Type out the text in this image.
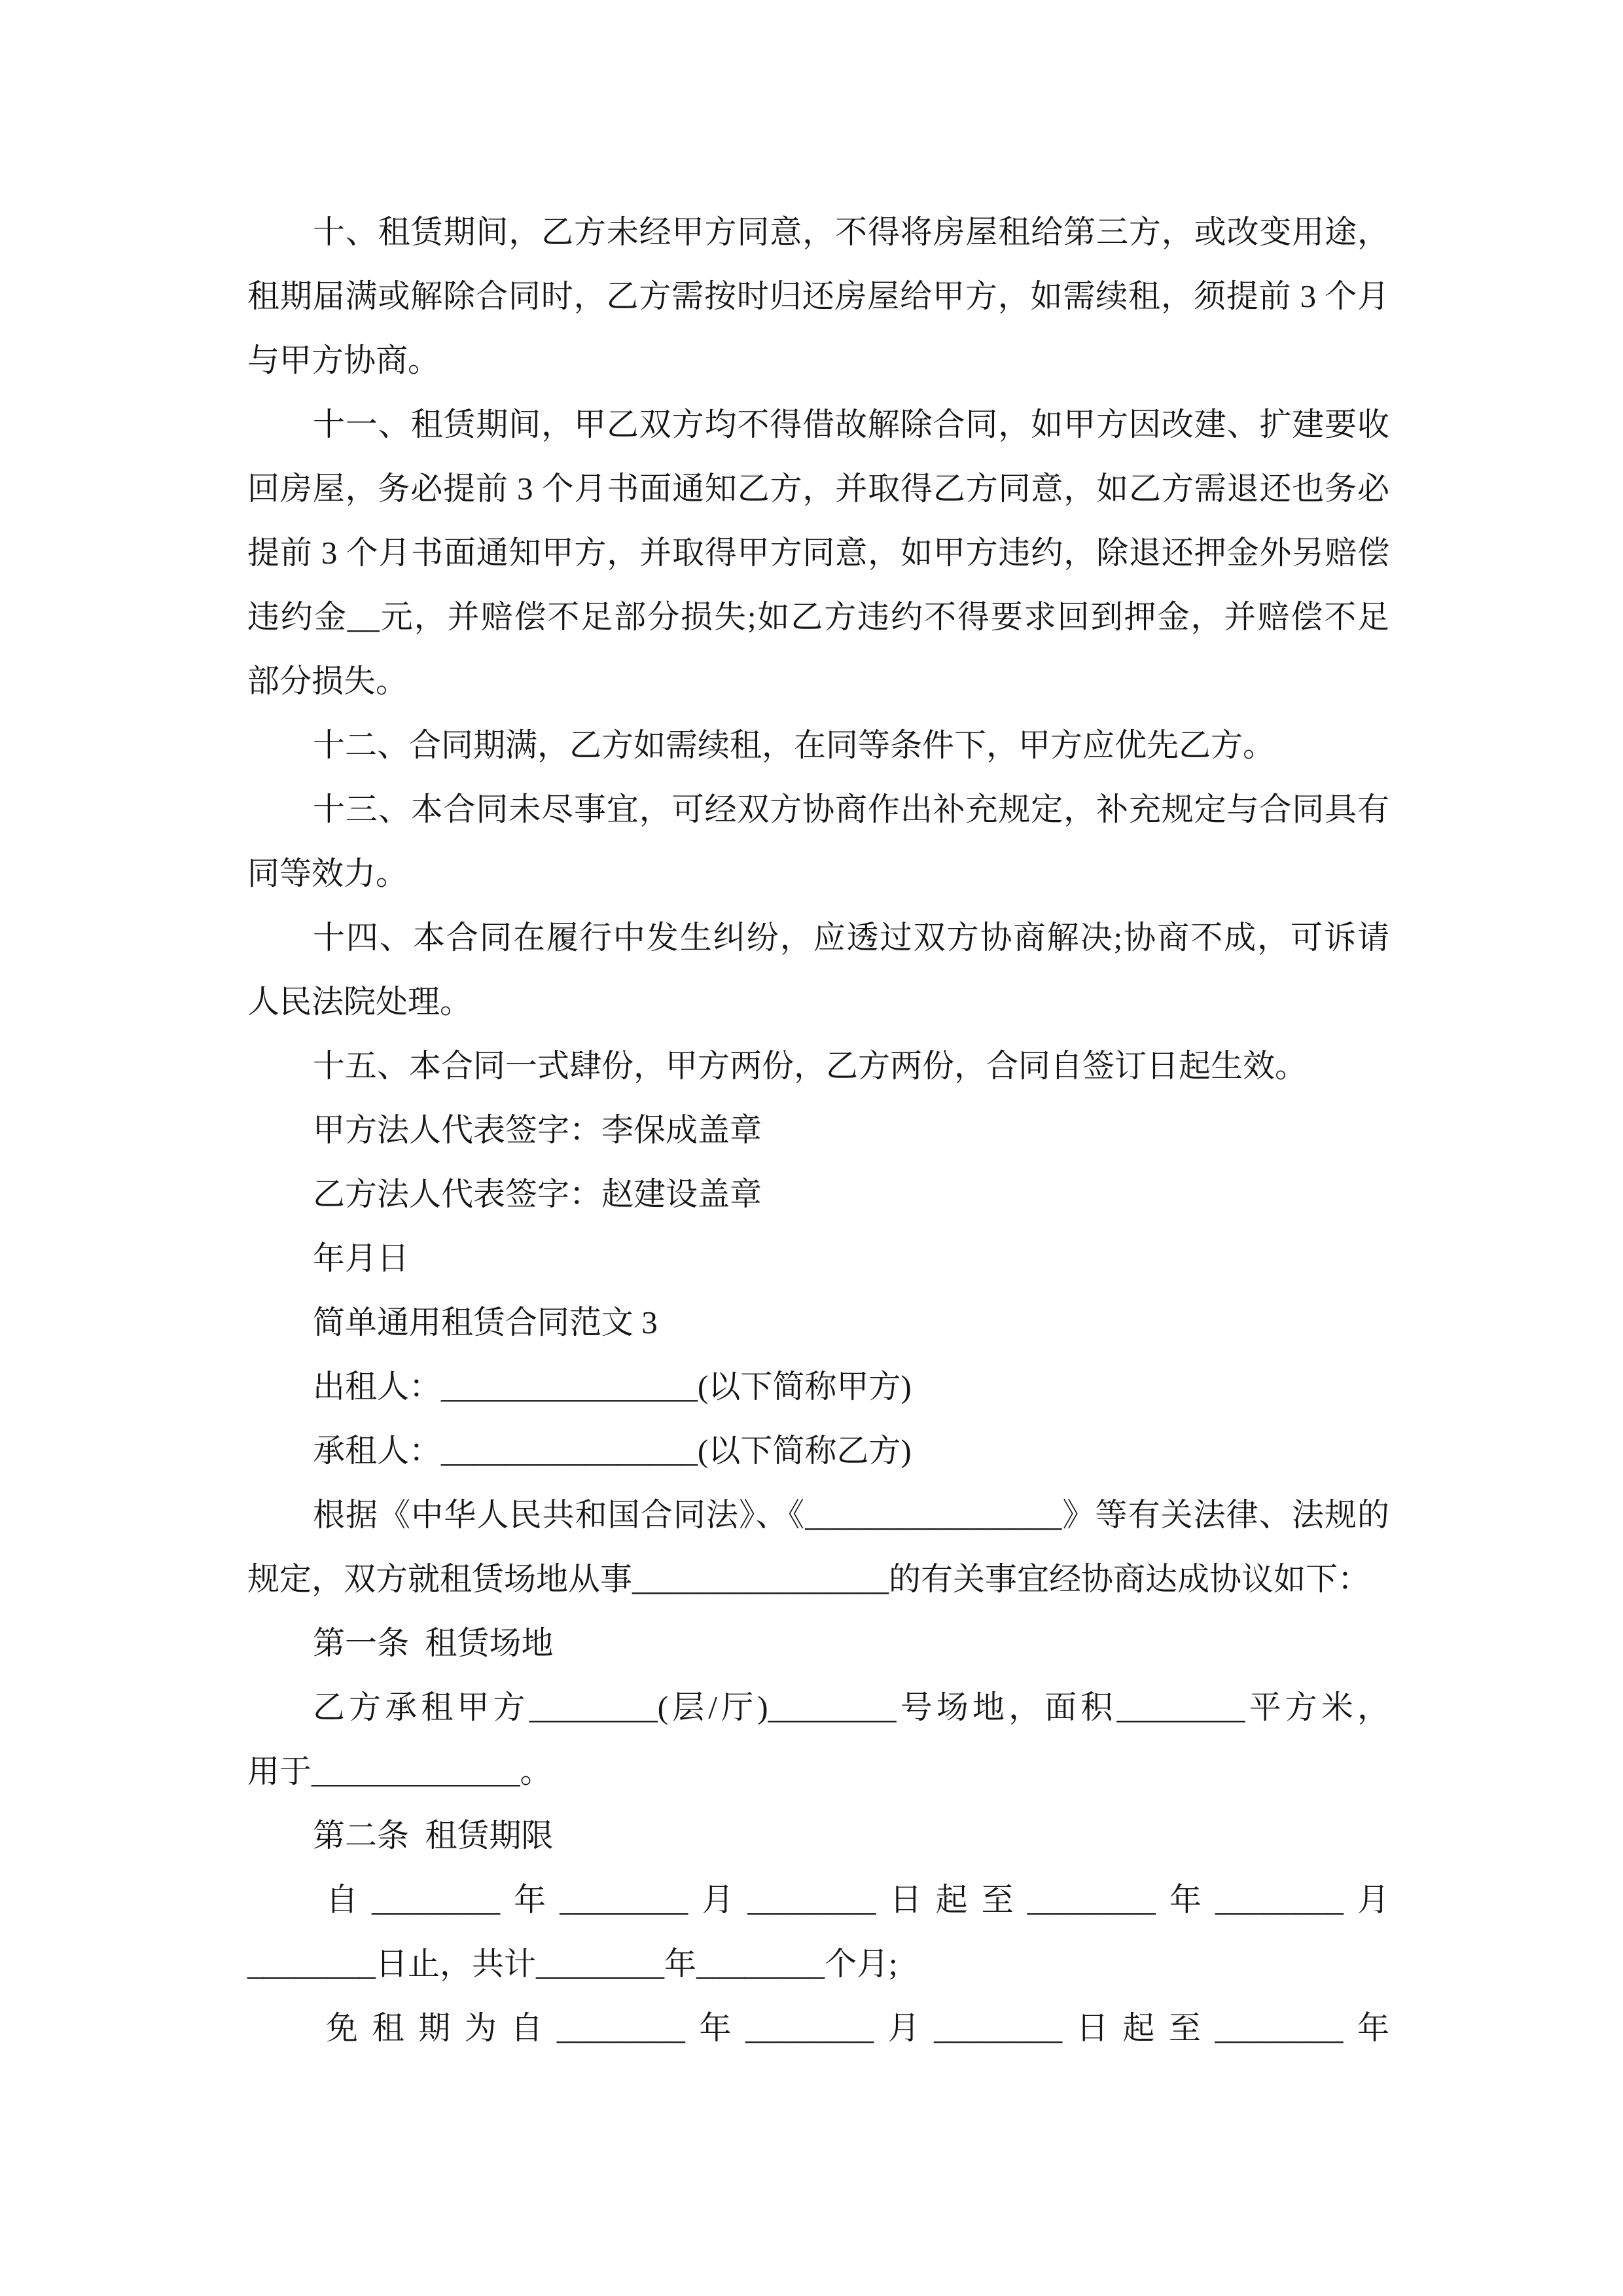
十、租赁期间，乙方未经甲方同意，不得将房屋租给第三方，或改变用途，
租期届满或解除合同时，乙方需按时归还房屋给甲方，如需续租，须提前 3 个月
与甲方协商。
十一、租赁期间，甲乙双方均不得借故解除合同，如甲方因改建、扩建要收
回房屋，务必提前 3 个月书面通知乙方，并取得乙方同意，如乙方需退还也务必
提前 3 个月书面通知甲方，并取得甲方同意，如甲方违约，除退还押金外另赔偿
违约金__元，并赔偿不足部分损失;如乙方违约不得要求回到押金，并赔偿不足
部分损失。
十二、合同期满，乙方如需续租，在同等条件下，甲方应优先乙方。
十三、本合同未尽事宜，可经双方协商作出补充规定，补充规定与合同具有
同等效力。
十四、本合同在履行中发生纠纷，应透过双方协商解决;协商不成，可诉请
人民法院处理。
十五、本合同一式肆份，甲方两份，乙方两份，合同自签订日起生效。
甲方法人代表签字：李保成盖章
乙方法人代表签字：赵建设盖章
年月日
简单通用租赁合同范文 3
出租人：________________(以下简称甲方)
承租人：________________(以下简称乙方)
根据《中华人民共和国合同法》、《________________》等有关法律、法规的
规定，双方就租赁场地从事________________的有关事宜经协商达成协议如下：
第一条  租赁场地
乙方承租甲方________(层/厅)________号场地，面积________平方米，
用于_____________。
第二条  租赁期限
自________年________月________日起至________年________月
________日止，共计________年________个月;
免租期为自________年________月________日起至________年
